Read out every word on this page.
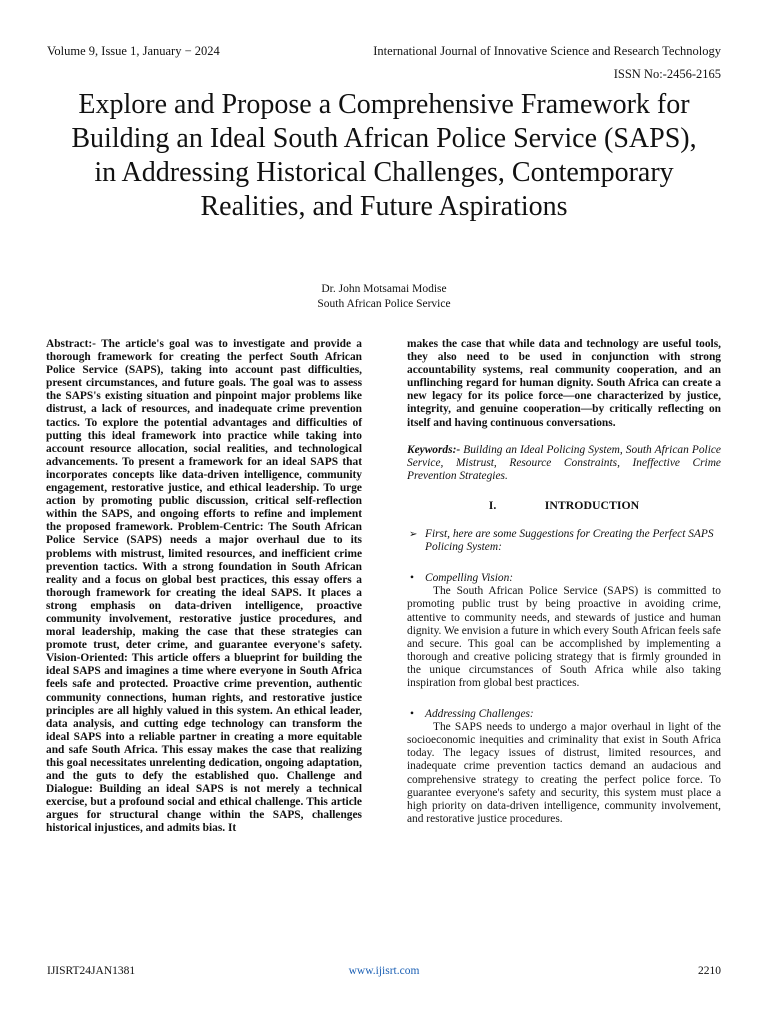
Volume 9, Issue 1, January − 2024	International Journal of Innovative Science and Research Technology
ISSN No:-2456-2165
Explore and Propose a Comprehensive Framework for Building an Ideal South African Police Service (SAPS), in Addressing Historical Challenges, Contemporary Realities, and Future Aspirations
Dr. John Motsamai Modise
South African Police Service

Abstract:- The article's goal was to investigate and provide a thorough framework for creating the perfect South African Police Service (SAPS), taking into account past difficulties, present circumstances, and future goals. The goal was to assess the SAPS's existing situation and pinpoint major problems like distrust, a lack of resources, and inadequate crime prevention tactics. To explore the potential advantages and difficulties of putting this ideal framework into practice while taking into account resource allocation, social realities, and technological advancements. To present a framework for an ideal SAPS that incorporates concepts like data-driven intelligence, community engagement, restorative justice, and ethical leadership. To urge action by promoting public discussion, critical self-reflection within the SAPS, and ongoing efforts to refine and implement the proposed framework. Problem-Centric: The South African Police Service (SAPS) needs a major overhaul due to its problems with mistrust, limited resources, and inefficient crime prevention tactics. With a strong foundation in South African reality and a focus on global best practices, this essay offers a thorough framework for creating the ideal SAPS. It places a strong emphasis on data-driven intelligence, proactive community involvement, restorative justice procedures, and moral leadership, making the case that these strategies can promote trust, deter crime, and guarantee everyone's safety. Vision-Oriented: This article offers a blueprint for building the ideal SAPS and imagines a time where everyone in South Africa feels safe and protected. Proactive crime prevention, authentic community connections, human rights, and restorative justice principles are all highly valued in this system. An ethical leader, data analysis, and cutting edge technology can transform the ideal SAPS into a reliable partner in creating a more equitable and safe South Africa. This essay makes the case that realizing this goal necessitates unrelenting dedication, ongoing adaptation, and the guts to defy the established quo. Challenge and Dialogue: Building an ideal SAPS is not merely a technical exercise, but a profound social and ethical challenge. This article argues for structural change within the SAPS, challenges historical injustices, and admits bias. It

makes the case that while data and technology are useful tools, they also need to be used in conjunction with strong accountability systems, real community cooperation, and an unflinching regard for human dignity. South Africa can create a new legacy for its police force—one characterized by justice, integrity, and genuine cooperation—by critically reflecting on itself and having continuous conversations.

Keywords:- Building an Ideal Policing System, South African Police Service, Mistrust, Resource Constraints, Ineffective Crime Prevention Strategies.

I.	INTRODUCTION

➢ First, here are some Suggestions for Creating the Perfect SAPS Policing System:

• Compelling Vision:

The South African Police Service (SAPS) is committed to promoting public trust by being proactive in avoiding crime, attentive to community needs, and stewards of justice and human dignity. We envision a future in which every South African feels safe and secure. This goal can be accomplished by implementing a thorough and creative policing strategy that is firmly grounded in the unique circumstances of South Africa while also taking inspiration from global best practices.

• Addressing Challenges:

The SAPS needs to undergo a major overhaul in light of the socioeconomic inequities and criminality that exist in South Africa today. The legacy issues of distrust, limited resources, and inadequate crime prevention tactics demand an audacious and comprehensive strategy to creating the perfect police force. To guarantee everyone's safety and security, this system must place a high priority on data-driven intelligence, community involvement, and restorative justice procedures.

IJISRT24JAN1381	www.ijisrt.com	2210
